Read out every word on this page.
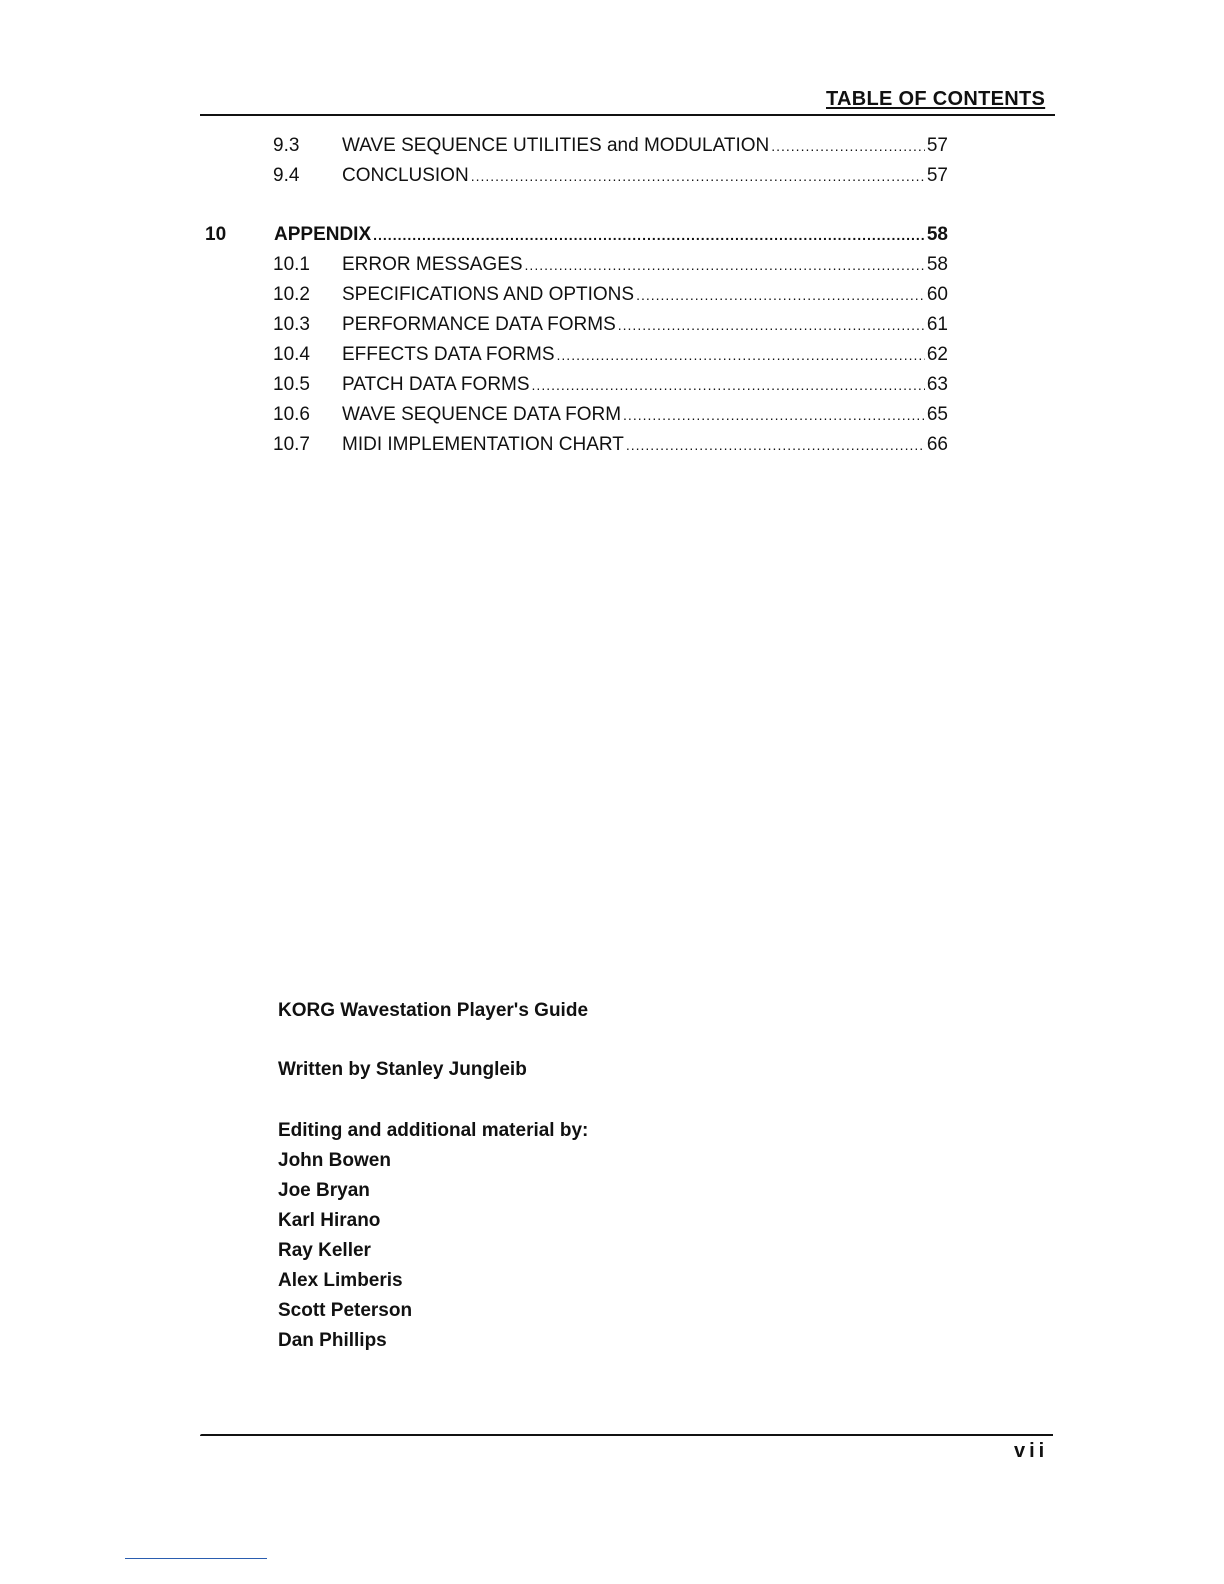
TABLE OF CONTENTS
9.3 WAVE SEQUENCE UTILITIES and MODULATION .....	57
9.4 CONCLUSION .....	57
10	APPENDIX .....	58
10.1 ERROR MESSAGES .....	58
10.2 SPECIFICATIONS AND OPTIONS .....	60
10.3 PERFORMANCE DATA FORMS .....	61
10.4 EFFECTS DATA FORMS .....	62
10.5 PATCH DATA FORMS .....	63
10.6 WAVE SEQUENCE DATA FORM .....	65
10.7 MIDI IMPLEMENTATION CHART .....	66
KORG Wavestation Player's Guide
Written by Stanley Jungleib
Editing and additional material by:
John Bowen
Joe Bryan
Karl Hirano
Ray Keller
Alex Limberis
Scott Peterson
Dan Phillips
vii
